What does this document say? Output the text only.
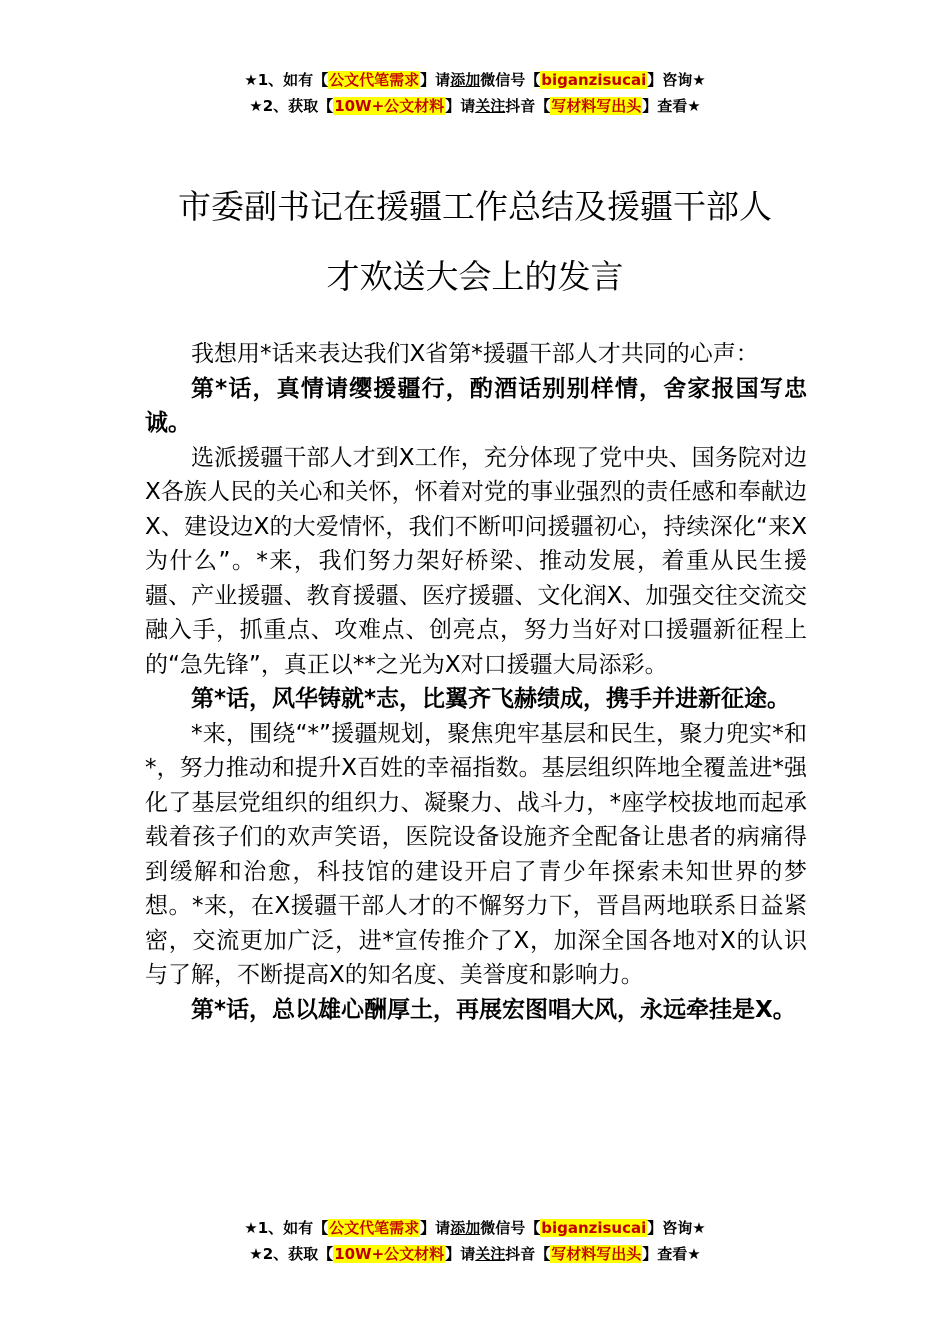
★1、如有【公文代笔需求】请添加微信号【biganzisucai】咨询★
★2、获取【10W+公文材料】请关注抖音【写材料写出头】查看★
市委副书记在援疆工作总结及援疆干部人
才欢送大会上的发言

我想用*话来表达我们X省第*援疆干部人才共同的心声：

第*话，真情请缨援疆行，酌酒话别别样情，舍家报国写忠诚。

选派援疆干部人才到X工作，充分体现了党中央、国务院对边X各族人民的关心和关怀，怀着对党的事业强烈的责任感和奉献边X、建设边X的大爱情怀，我们不断叩问援疆初心，持续深化“来X为什么”。*来，我们努力架好桥梁、推动发展，着重从民生援疆、产业援疆、教育援疆、医疗援疆、文化润X、加强交往交流交融入手，抓重点、攻难点、创亮点，努力当好对口援疆新征程上的“急先锋”，真正以**之光为X对口援疆大局添彩。

第*话，风华铸就*志，比翼齐飞赫绩成，携手并进新征途。

*来，围绕“*”援疆规划，聚焦兜牢基层和民生，聚力兜实*和*，努力推动和提升X百姓的幸福指数。基层组织阵地全覆盖进*强化了基层党组织的组织力、凝聚力、战斗力，*座学校拔地而起承载着孩子们的欢声笑语，医院设备设施齐全配备让患者的病痛得到缓解和治愈，科技馆的建设开启了青少年探索未知世界的梦想。*来，在X援疆干部人才的不懈努力下，晋昌两地联系日益紧密，交流更加广泛，进*宣传推介了X，加深全国各地对X的认识与了解，不断提高X的知名度、美誉度和影响力。

第*话，总以雄心酬厚土，再展宏图唱大风，永远牵挂是X。

★1、如有【公文代笔需求】请添加微信号【biganzisucai】咨询★
★2、获取【10W+公文材料】请关注抖音【写材料写出头】查看★
